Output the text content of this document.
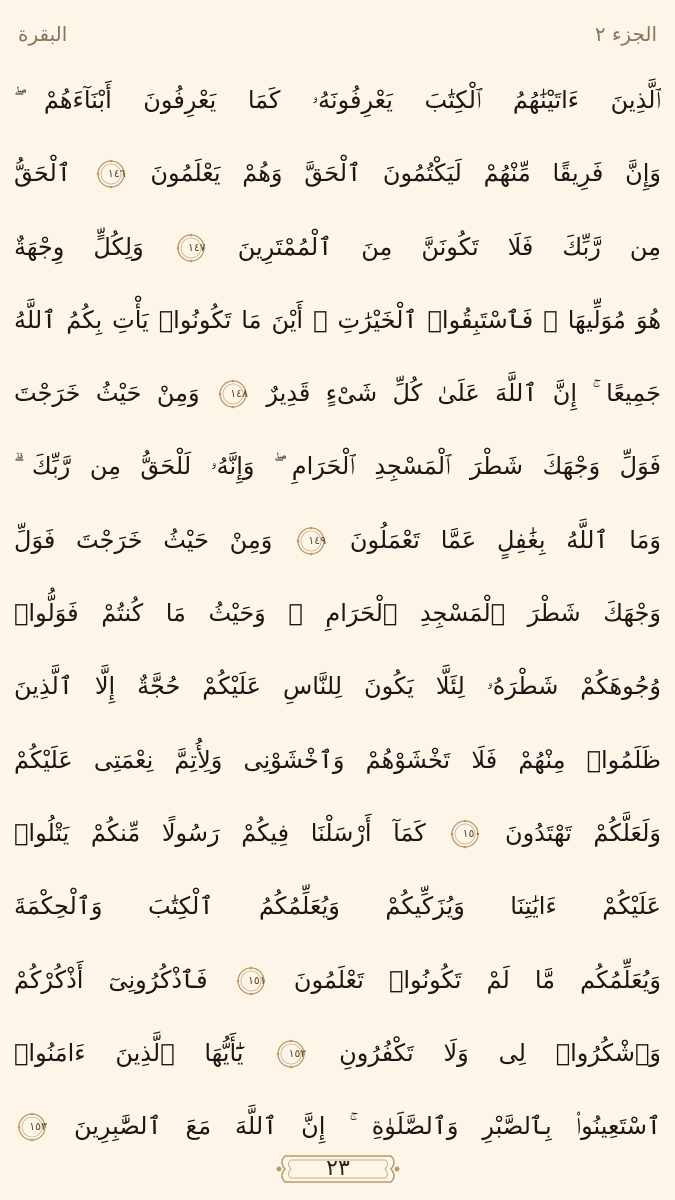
الجزء ٢
البقرة
ٱلَّذِينَ ءَاتَيْنَٰهُمُ ٱلْكِتَٰبَ يَعْرِفُونَهُۥ كَمَا يَعْرِفُونَ أَبْنَآءَهُمْ ۖ
وَإِنَّ فَرِيقًا مِّنْهُمْ لَيَكْتُمُونَ ٱلْحَقَّ وَهُمْ يَعْلَمُونَ
١٤٦
ٱلْحَقُّ
مِن رَّبِّكَ فَلَا تَكُونَنَّ مِنَ ٱلْمُمْتَرِينَ
١٤٧
وَلِكُلٍّ وِجْهَةٌ
هُوَ مُوَلِّيهَا ۖ فَٱسْتَبِقُوا۟ ٱلْخَيْرَٰتِ ۚ أَيْنَ مَا تَكُونُوا۟ يَأْتِ بِكُمُ ٱللَّهُ
جَمِيعًا ۚ إِنَّ ٱللَّهَ عَلَىٰ كُلِّ شَىْءٍ قَدِيرٌ
١٤٨
وَمِنْ حَيْثُ خَرَجْتَ
فَوَلِّ وَجْهَكَ شَطْرَ ٱلْمَسْجِدِ ٱلْحَرَامِ ۖ وَإِنَّهُۥ لَلْحَقُّ مِن رَّبِّكَ ۗ
وَمَا ٱللَّهُ بِغَٰفِلٍ عَمَّا تَعْمَلُونَ
١٤٩
وَمِنْ حَيْثُ خَرَجْتَ فَوَلِّ
وَجْهَكَ شَطْرَ ٱلْمَسْجِدِ ٱلْحَرَامِ ۚ وَحَيْثُ مَا كُنتُمْ فَوَلُّوا۟
وُجُوهَكُمْ شَطْرَهُۥ لِئَلَّا يَكُونَ لِلنَّاسِ عَلَيْكُمْ حُجَّةٌ إِلَّا ٱلَّذِينَ
ظَلَمُوا۟ مِنْهُمْ فَلَا تَخْشَوْهُمْ وَٱخْشَوْنِى وَلِأُتِمَّ نِعْمَتِى عَلَيْكُمْ
وَلَعَلَّكُمْ تَهْتَدُونَ
١٥٠
كَمَآ أَرْسَلْنَا فِيكُمْ رَسُولًا مِّنكُمْ يَتْلُوا۟
عَلَيْكُمْ ءَايَٰتِنَا وَيُزَكِّيكُمْ وَيُعَلِّمُكُمُ ٱلْكِتَٰبَ وَٱلْحِكْمَةَ
وَيُعَلِّمُكُم مَّا لَمْ تَكُونُوا۟ تَعْلَمُونَ
١٥١
فَٱذْكُرُونِىٓ أَذْكُرْكُمْ
وَٱشْكُرُوا۟ لِى وَلَا تَكْفُرُونِ
١٥٢
يَٰٓأَيُّهَا ٱلَّذِينَ ءَامَنُوا۟
ٱسْتَعِينُوا۟ بِٱلصَّبْرِ وَٱلصَّلَوٰةِ ۚ إِنَّ ٱللَّهَ مَعَ ٱلصَّٰبِرِينَ
١٥٣
٢٣
